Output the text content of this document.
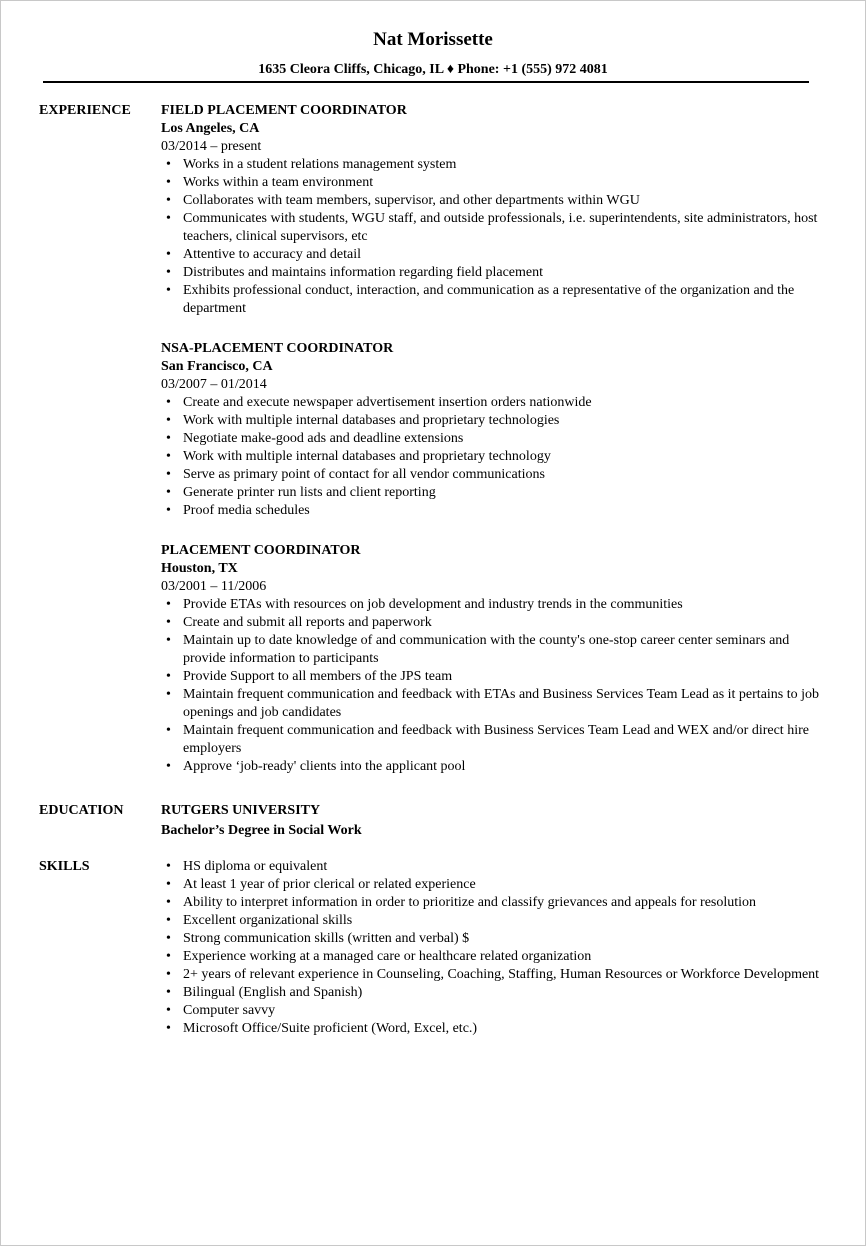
Nat Morissette
1635 Cleora Cliffs, Chicago, IL ♦ Phone: +1 (555) 972 4081
EXPERIENCE FIELD PLACEMENT COORDINATOR
Los Angeles, CA
03/2014 – present
• Works in a student relations management system
• Works within a team environment
• Collaborates with team members, supervisor, and other departments within WGU
• Communicates with students, WGU staff, and outside professionals, i.e. superintendents, site administrators, host teachers, clinical supervisors, etc
• Attentive to accuracy and detail
• Distributes and maintains information regarding field placement
• Exhibits professional conduct, interaction, and communication as a representative of the organization and the department
NSA-PLACEMENT COORDINATOR
San Francisco, CA
03/2007 – 01/2014
• Create and execute newspaper advertisement insertion orders nationwide
• Work with multiple internal databases and proprietary technologies
• Negotiate make-good ads and deadline extensions
• Work with multiple internal databases and proprietary technology
• Serve as primary point of contact for all vendor communications
• Generate printer run lists and client reporting
• Proof media schedules
PLACEMENT COORDINATOR
Houston, TX
03/2001 – 11/2006
• Provide ETAs with resources on job development and industry trends in the communities
• Create and submit all reports and paperwork
• Maintain up to date knowledge of and communication with the county's one-stop career center seminars and provide information to participants
• Provide Support to all members of the JPS team
• Maintain frequent communication and feedback with ETAs and Business Services Team Lead as it pertains to job openings and job candidates
• Maintain frequent communication and feedback with Business Services Team Lead and WEX and/or direct hire employers
• Approve ‘job-ready' clients into the applicant pool
EDUCATION	RUTGERS UNIVERSITY
Bachelor’s Degree in Social Work
SKILLS
•	HS diploma or equivalent
• At least 1 year of prior clerical or related experience
• Ability to interpret information in order to prioritize and classify grievances and appeals for resolution
• Excellent organizational skills
• Strong communication skills (written and verbal) $
• Experience working at a managed care or healthcare related organization
• 2+ years of relevant experience in Counseling, Coaching, Staffing, Human Resources or Workforce Development
• Bilingual (English and Spanish)
• Computer savvy
• Microsoft Office/Suite proficient (Word, Excel, etc.)
